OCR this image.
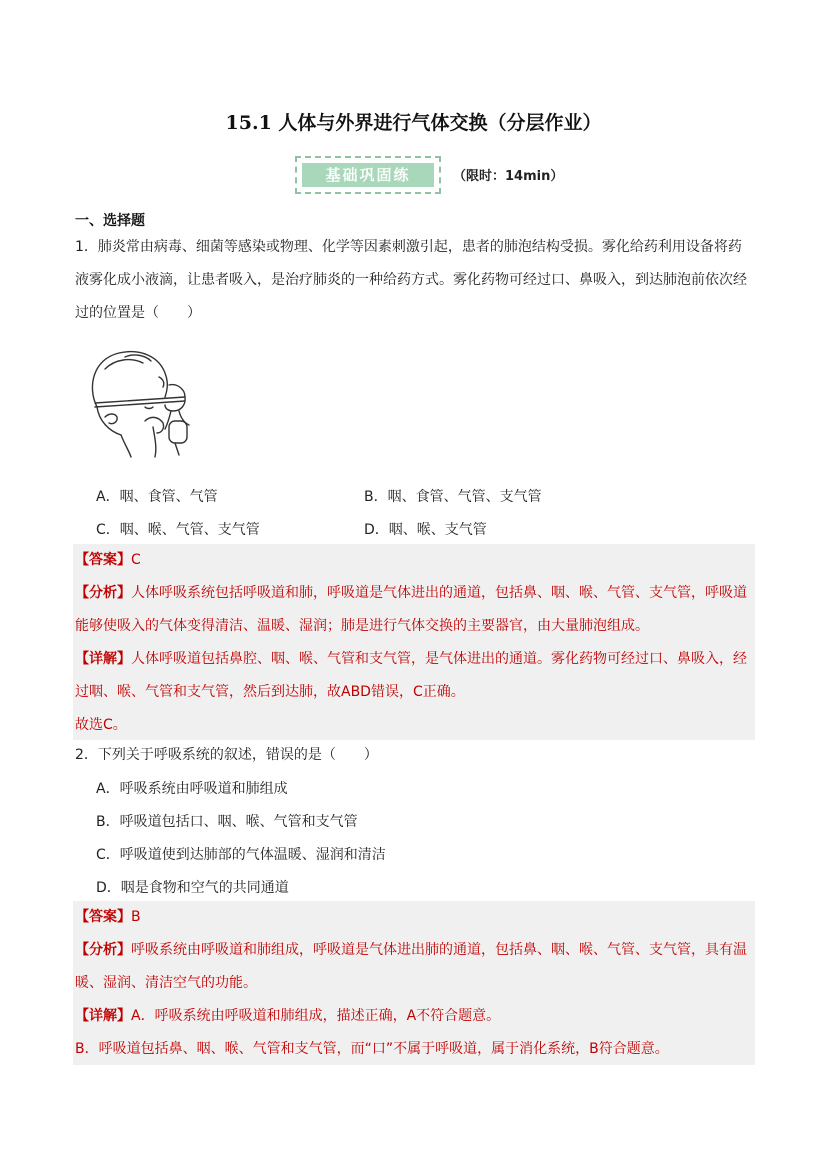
15.1 人体与外界进行气体交换（分层作业）
基础巩固练	（限时：14min）
一、选择题
1．肺炎常由病毒、细菌等感染或物理、化学等因素刺激引起，患者的肺泡结构受损。雾化给药利用设备将药液雾化成小液滴，让患者吸入，是治疗肺炎的一种给药方式。雾化药物可经过口、鼻吸入，到达肺泡前依次经过的位置是（　　）
A．咽、食管、气管	B．咽、食管、气管、支气管
C．咽、喉、气管、支气管	D．咽、喉、支气管
【答案】C
【分析】人体呼吸系统包括呼吸道和肺，呼吸道是气体进出的通道，包括鼻、咽、喉、气管、支气管，呼吸道能够使吸入的气体变得清洁、温暖、湿润；肺是进行气体交换的主要器官，由大量肺泡组成。
【详解】人体呼吸道包括鼻腔、咽、喉、气管和支气管，是气体进出的通道。雾化药物可经过口、鼻吸入，经过咽、喉、气管和支气管，然后到达肺，故ABD错误，C正确。
故选C。
2．下列关于呼吸系统的叙述，错误的是（　　）
A．呼吸系统由呼吸道和肺组成
B．呼吸道包括口、咽、喉、气管和支气管
C．呼吸道使到达肺部的气体温暖、湿润和清洁
D．咽是食物和空气的共同通道
【答案】B
【分析】呼吸系统由呼吸道和肺组成，呼吸道是气体进出肺的通道，包括鼻、咽、喉、气管、支气管，具有温暖、湿润、清洁空气的功能。
【详解】A．呼吸系统由呼吸道和肺组成，描述正确，A不符合题意。
B．呼吸道包括鼻、咽、喉、气管和支气管，而“口”不属于呼吸道，属于消化系统，B符合题意。
